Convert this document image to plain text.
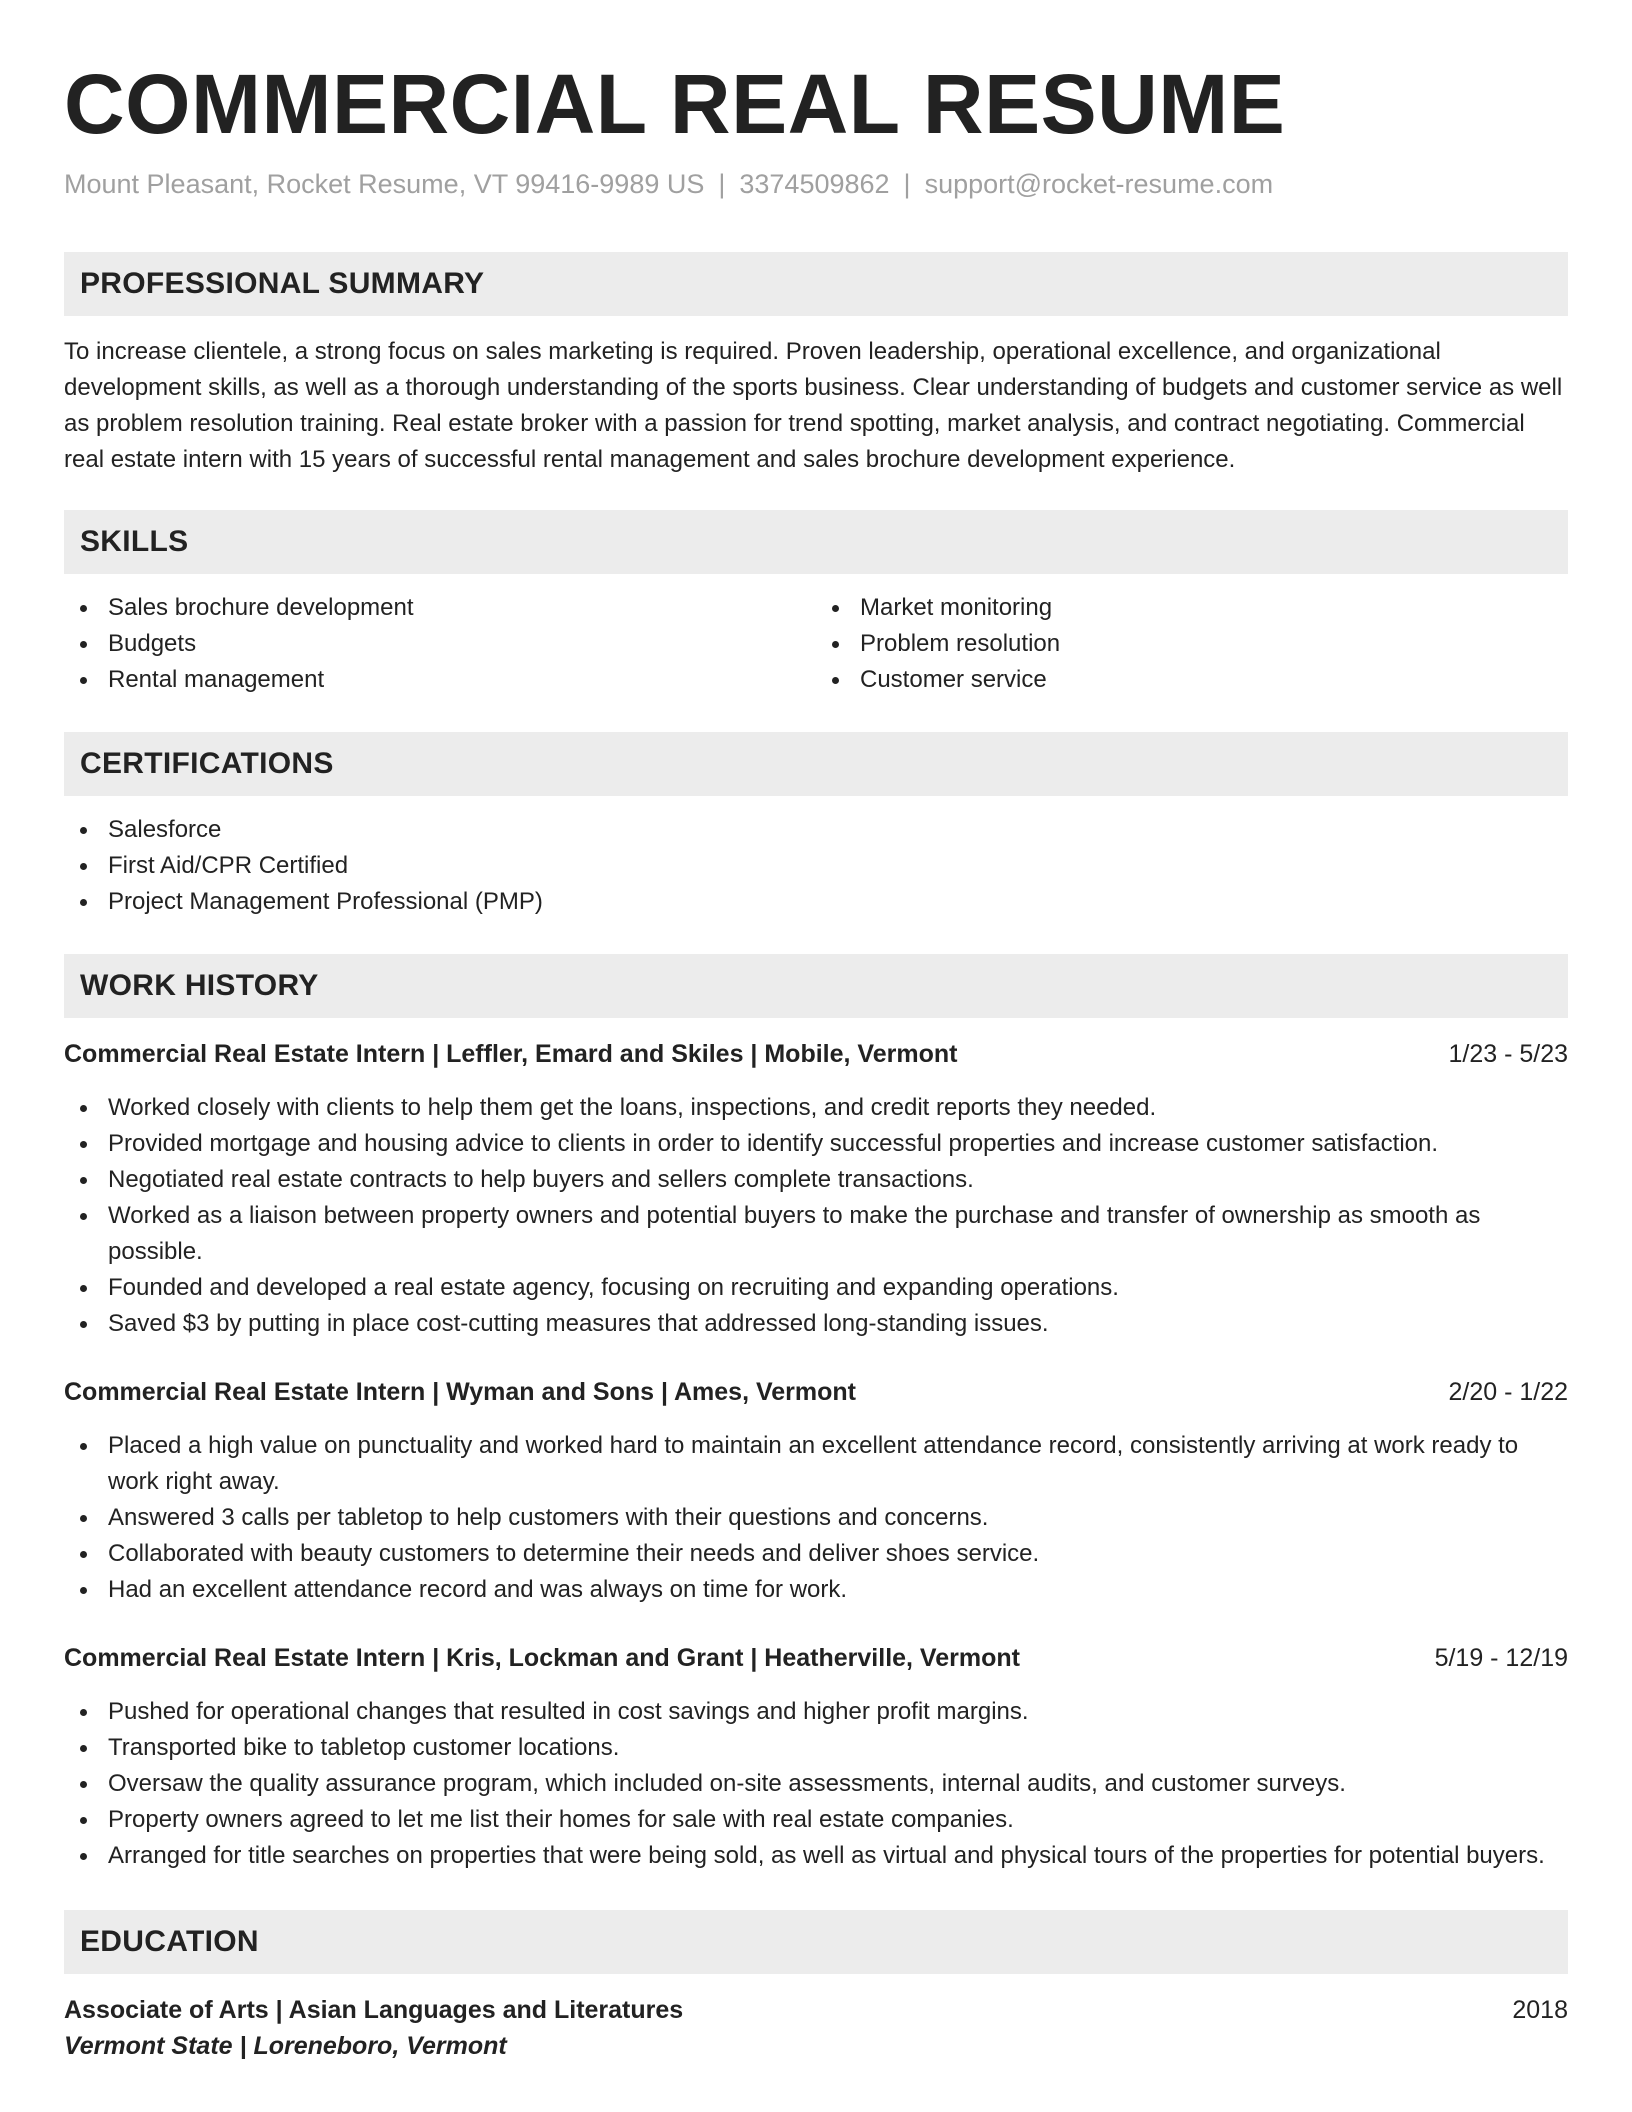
COMMERCIAL REAL RESUME
Mount Pleasant, Rocket Resume, VT 99416-9989 US | 3374509862 | support@rocket-resume.com
PROFESSIONAL SUMMARY

To increase clientele, a strong focus on sales marketing is required. Proven leadership, operational excellence, and organizational development skills, as well as a thorough understanding of the sports business. Clear understanding of budgets and customer service as well as problem resolution training. Real estate broker with a passion for trend spotting, market analysis, and contract negotiating. Commercial real estate intern with 15 years of successful rental management and sales brochure development experience.

SKILLS
Sales brochure development
Budgets
Rental management
Market monitoring
Problem resolution
Customer service
CERTIFICATIONS
Salesforce
First Aid/CPR Certified
Project Management Professional (PMP)
WORK HISTORY
Commercial Real Estate Intern | Leffler, Emard and Skiles | Mobile, Vermont	1/23 - 5/23
Worked closely with clients to help them get the loans, inspections, and credit reports they needed.
Provided mortgage and housing advice to clients in order to identify successful properties and increase customer satisfaction.
Negotiated real estate contracts to help buyers and sellers complete transactions.
Worked as a liaison between property owners and potential buyers to make the purchase and transfer of ownership as smooth as possible.
Founded and developed a real estate agency, focusing on recruiting and expanding operations.
Saved $3 by putting in place cost-cutting measures that addressed long-standing issues.
Commercial Real Estate Intern | Wyman and Sons | Ames, Vermont	2/20 - 1/22
Placed a high value on punctuality and worked hard to maintain an excellent attendance record, consistently arriving at work ready to work right away.
Answered 3 calls per tabletop to help customers with their questions and concerns.
Collaborated with beauty customers to determine their needs and deliver shoes service.
Had an excellent attendance record and was always on time for work.
Commercial Real Estate Intern | Kris, Lockman and Grant | Heatherville, Vermont	5/19 - 12/19
Pushed for operational changes that resulted in cost savings and higher profit margins.
Transported bike to tabletop customer locations.
Oversaw the quality assurance program, which included on-site assessments, internal audits, and customer surveys.
Property owners agreed to let me list their homes for sale with real estate companies.
Arranged for title searches on properties that were being sold, as well as virtual and physical tours of the properties for potential buyers.
EDUCATION
Associate of Arts | Asian Languages and Literatures	2018
Vermont State | Loreneboro, Vermont
